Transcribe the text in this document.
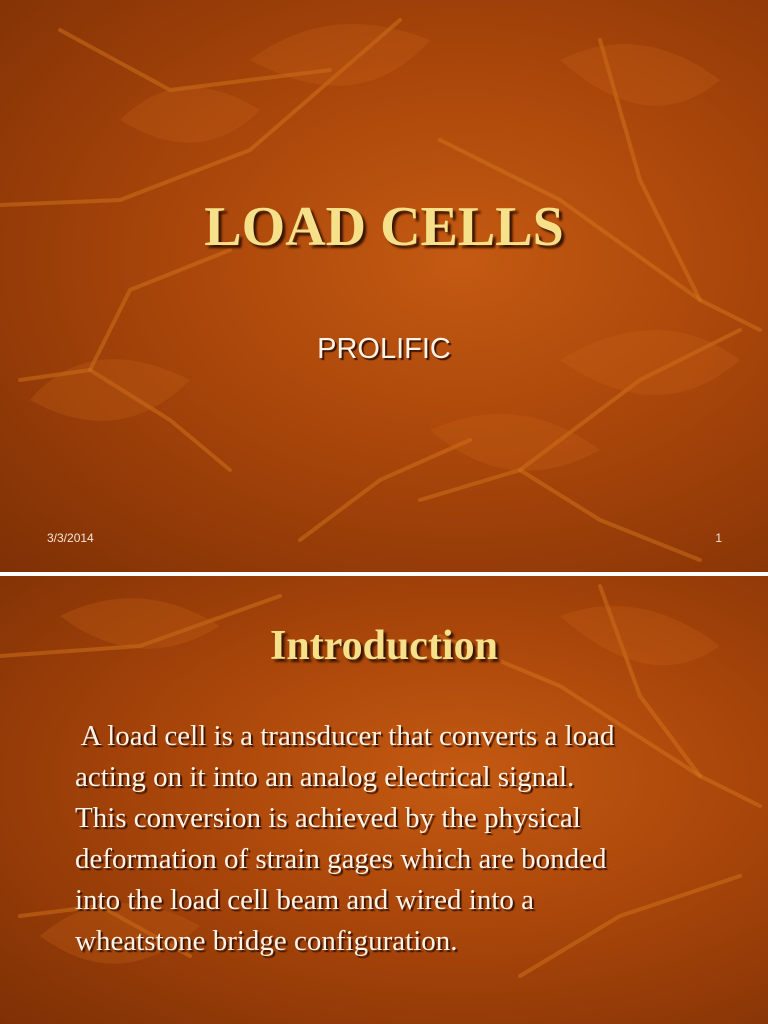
LOAD CELLS
PROLIFIC
3/3/2014	1
Introduction
A load cell is a transducer that converts a load
acting on it into an analog electrical signal.
This conversion is achieved by the physical
deformation of strain gages which are bonded
into the load cell beam and wired into a
wheatstone bridge configuration.
